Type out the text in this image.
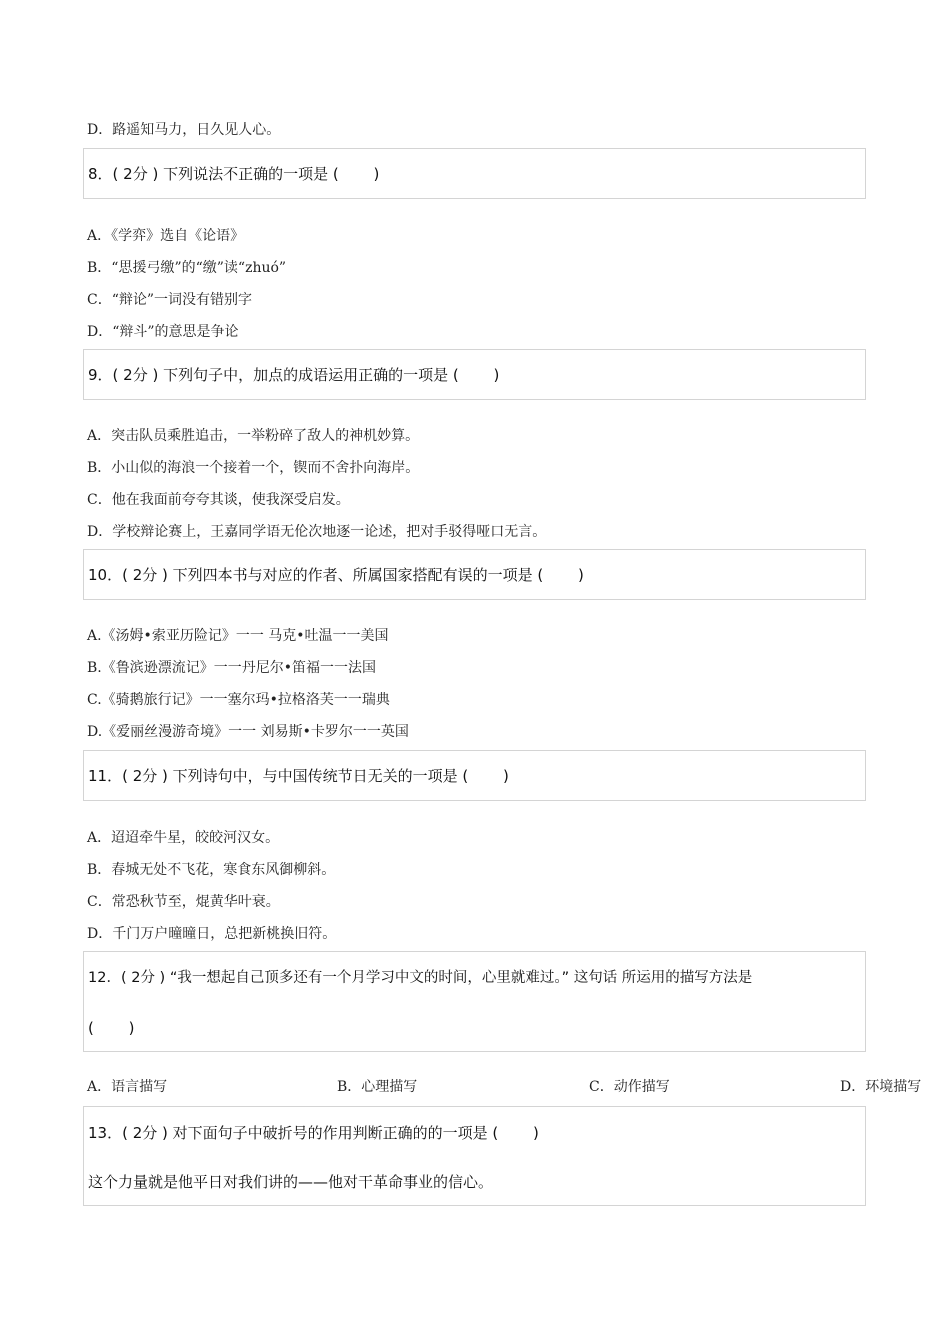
D．路遥知马力，日久见人心。
8．( 2分 ) 下列说法不正确的一项是 (　　 )
A．《学弈》选自《论语》
B．“思援弓缴”的“缴”读“zhuó”
C．“辩论”一词没有错别字
D．“辩斗”的意思是争论
9．( 2分 ) 下列句子中，加点的成语运用正确的一项是 (　　 )
A．突击队员乘胜追击，一举粉碎了敌人的神机妙算。
B．小山似的海浪一个接着一个，锲而不舍扑向海岸。
C．他在我面前夸夸其谈，使我深受启发。
D．学校辩论赛上，王嘉同学语无伦次地逐一论述，把对手驳得哑口无言。
10．( 2分 ) 下列四本书与对应的作者、所属国家搭配有误的一项是 (　　 )
A.《汤姆•索亚历险记》一一 马克•吐温一一美国
B.《鲁滨逊漂流记》一一丹尼尔•笛福一一法国
C.《骑鹅旅行记》一一塞尔玛•拉格洛芙一一瑞典
D.《爱丽丝漫游奇境》一一 刘易斯•卡罗尔一一英国
11．( 2分 ) 下列诗句中，与中国传统节日无关的一项是 (　　 )
A．迢迢牵牛星，皎皎河汉女。
B．春城无处不飞花，寒食东风御柳斜。
C．常恐秋节至，焜黄华叶衰。
D．千门万户曈曈日，总把新桃换旧符。
12．( 2分 ) “我一想起自己顶多还有一个月学习中文的时间，心里就难过。” 这句话 所运用的描写方法是
(　　 )
A．语言描写	B．心理描写	C．动作描写	D．环境描写
13．( 2分 ) 对下面句子中破折号的作用判断正确的的一项是 (　　 )
这个力量就是他平日对我们讲的——他对干革命事业的信心。
